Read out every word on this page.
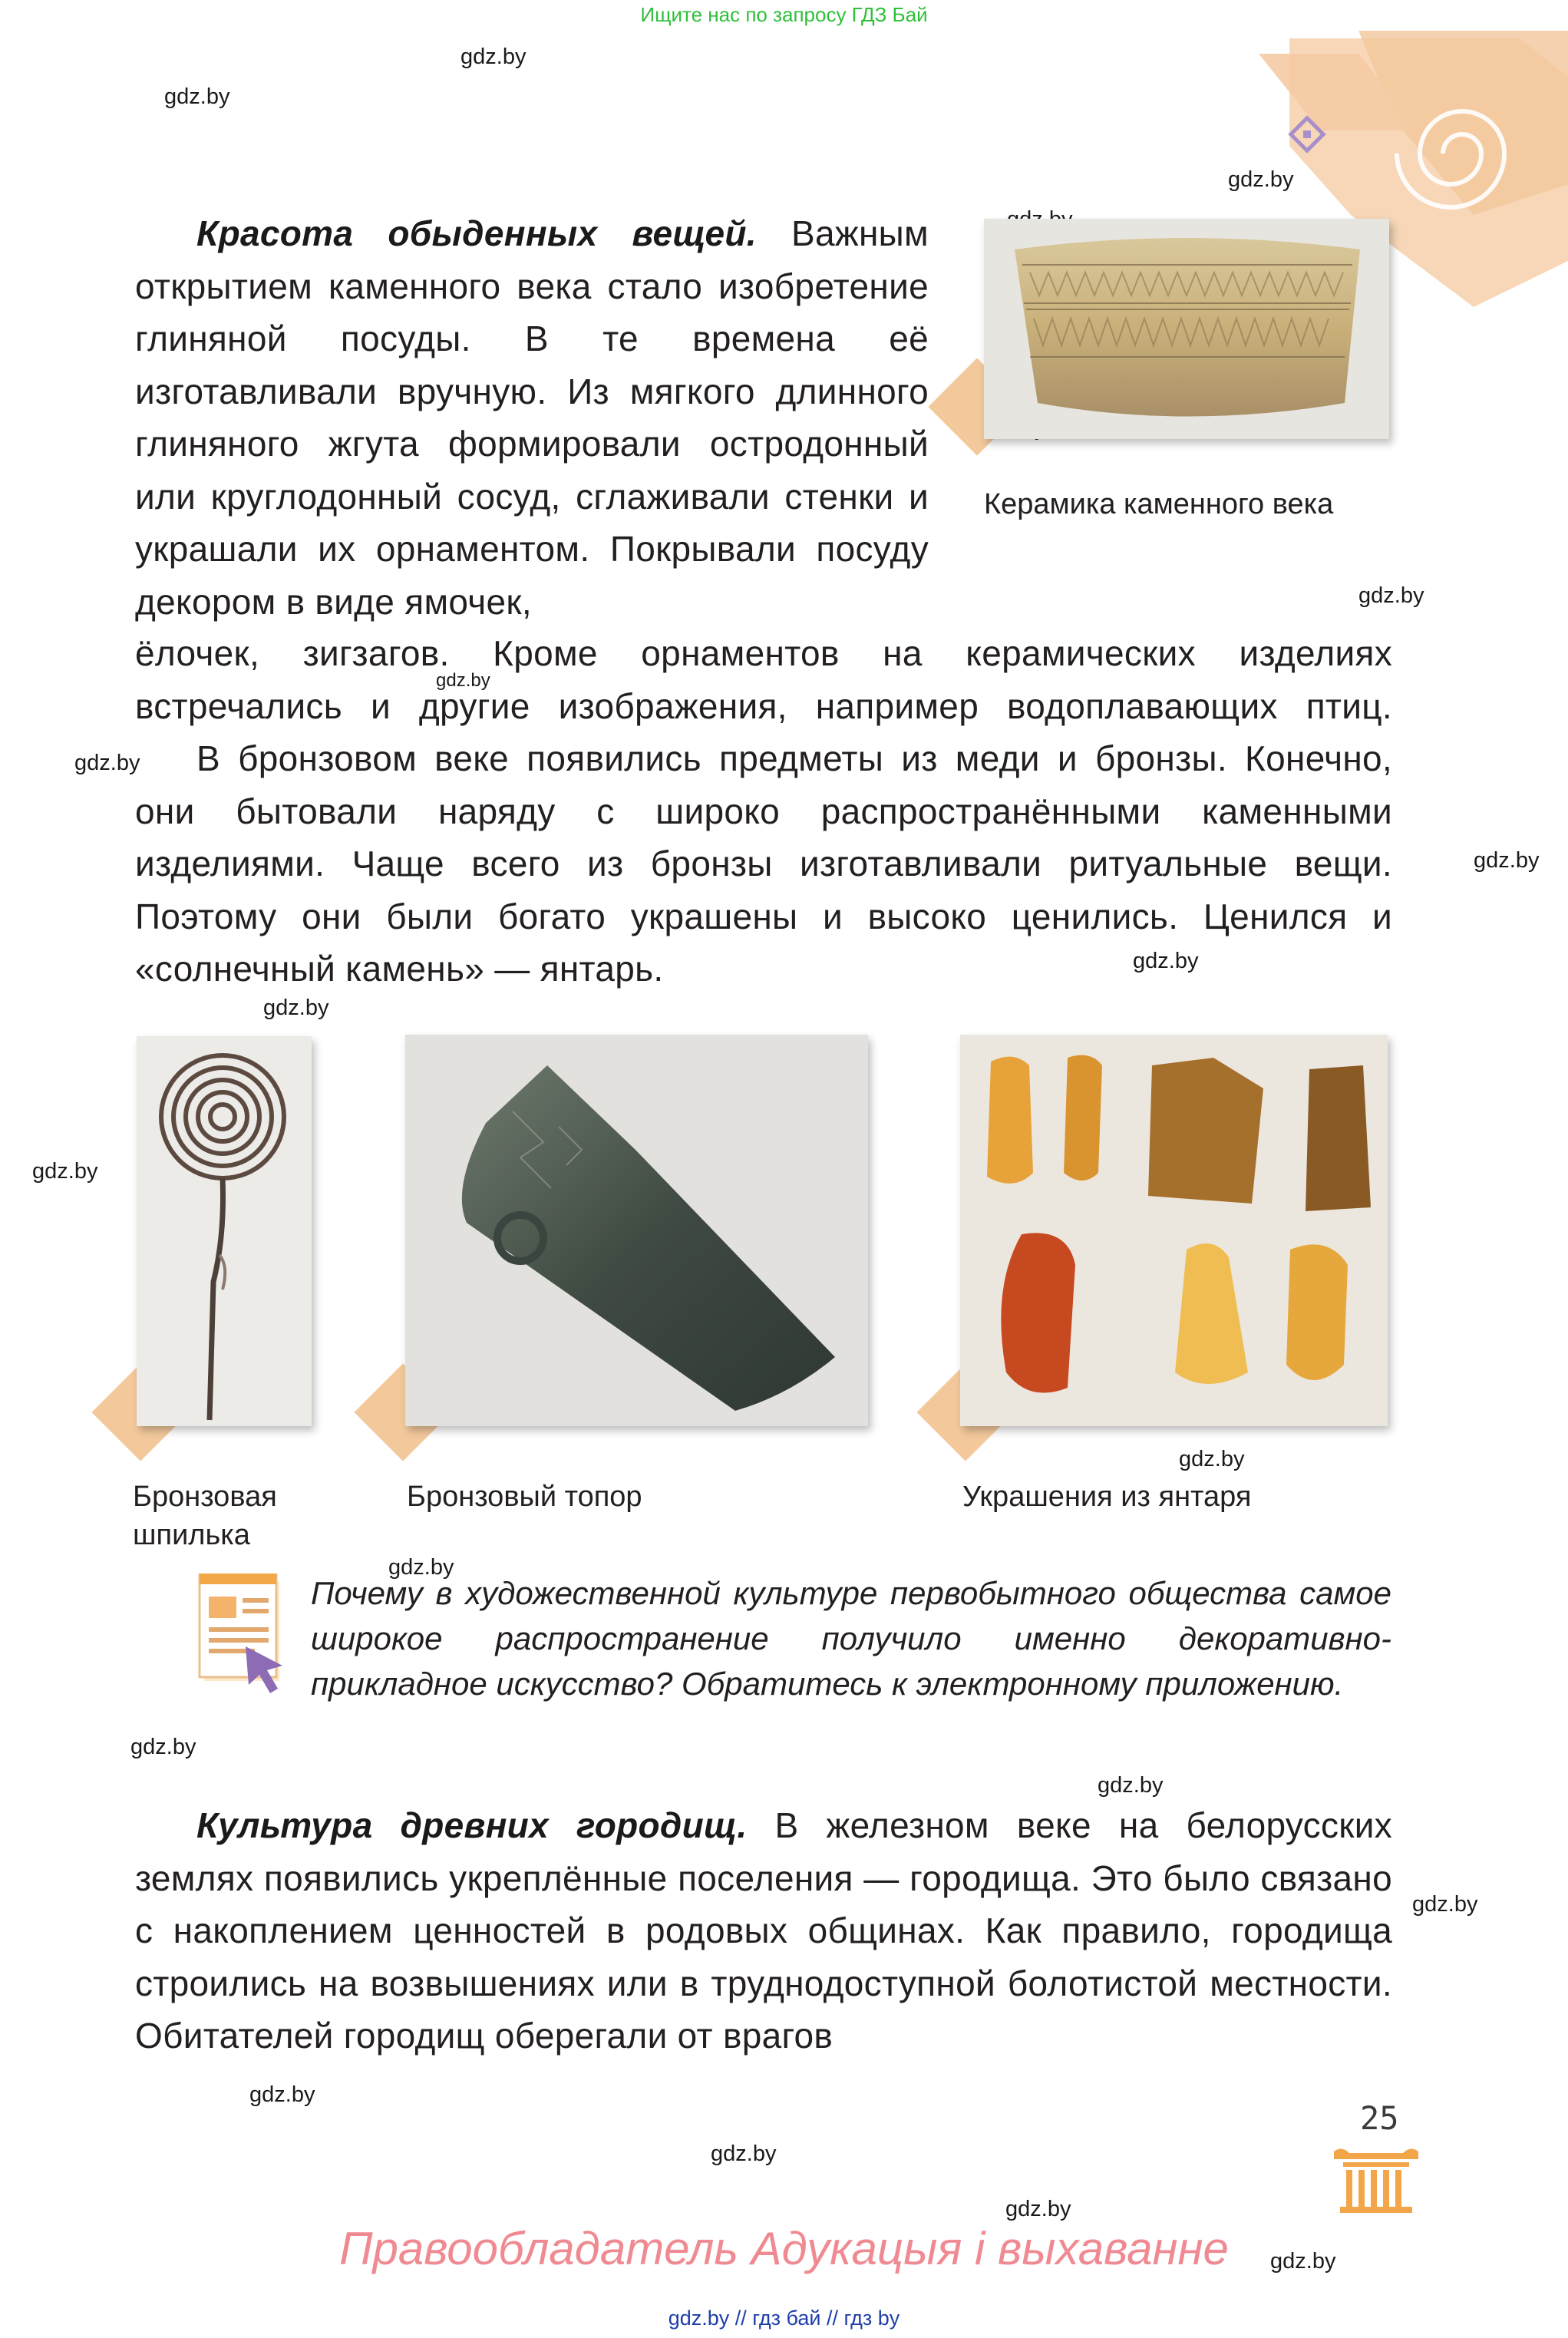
Ищите нас по запросу ГДЗ Бай
gdz.by
gdz.by
gdz.by
gdz.by
gdz.by
gdz.by
gdz.by
gdz.by
gdz.by
gdz.by
gdz.by
gdz.by
gdz.by
gdz.by
gdz.by
gdz.by
gdz.by
gdz.by
gdz.by
Керамика каменного века
Красота обыденных вещей. Важным открытием каменного века стало изобретение глиняной посуды. В те времена её изготавливали вручную. Из мягкого длинного глиняного жгута формировали остродонный или круглодонный сосуд, сглаживали стенки и украшали их орнаментом. Покрывали посуду декором в виде ямочек,
ёлочек, зигзагов. Кроме орнаментов на керамических изделиях встречались и другие изображения, например водоплавающих птиц.
В бронзовом веке появились предметы из меди и бронзы. Конечно, они бытовали наряду с широко распространёнными каменными изделиями. Чаще всего из бронзы изготавливали ритуальные вещи. Поэтому они были богато украшены и высоко ценились. Ценился и «солнечный камень» — янтарь.
Бронзовая
шпилька
Бронзовый топор	Украшения из янтаря
Почему в художественной культуре первобытного общества самое широкое распространение получило именно декоративно-прикладное искусство? Обратитесь к электронному приложению.
Культура древних городищ. В железном веке на белорусских землях появились укреплённые поселения — городища. Это было связано с накоплением ценностей в родовых общинах. Как правило, городища строились на возвышениях или в труднодоступной болотистой местности. Обитателей городищ оберегали от врагов
25
Правообладатель Адукацыя і выхаванне
gdz.by // гдз бай // гдз by
